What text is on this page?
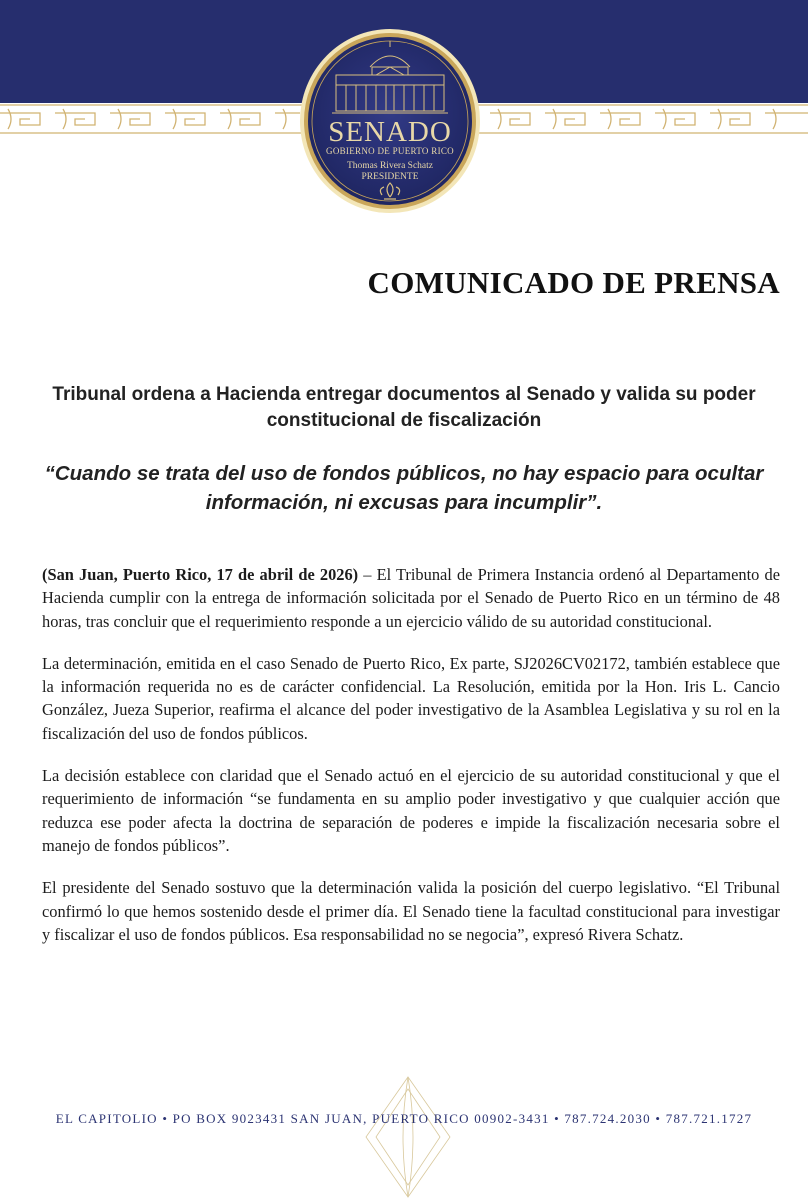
SENADO
GOBIERNO DE PUERTO RICO
Thomas Rivera Schatz
PRESIDENTE
COMUNICADO DE PRENSA
Tribunal ordena a Hacienda entregar documentos al Senado y valida su poder constitucional de fiscalización
“Cuando se trata del uso de fondos públicos, no hay espacio para ocultar información, ni excusas para incumplir”.

(San Juan, Puerto Rico, 17 de abril de 2026) – El Tribunal de Primera Instancia ordenó al Departamento de Hacienda cumplir con la entrega de información solicitada por el Senado de Puerto Rico en un término de 48 horas, tras concluir que el requerimiento responde a un ejercicio válido de su autoridad constitucional.

La determinación, emitida en el caso Senado de Puerto Rico, Ex parte, SJ2026CV02172, también establece que la información requerida no es de carácter confidencial. La Resolución, emitida por la Hon. Iris L. Cancio González, Jueza Superior, reafirma el alcance del poder investigativo de la Asamblea Legislativa y su rol en la fiscalización del uso de fondos públicos.

La decisión establece con claridad que el Senado actuó en el ejercicio de su autoridad constitucional y que el requerimiento de información “se fundamenta en su amplio poder investigativo y que cualquier acción que reduzca ese poder afecta la doctrina de separación de poderes e impide la fiscalización necesaria sobre el manejo de fondos públicos”.

El presidente del Senado sostuvo que la determinación valida la posición del cuerpo legislativo. “El Tribunal confirmó lo que hemos sostenido desde el primer día. El Senado tiene la facultad constitucional para investigar y fiscalizar el uso de fondos públicos. Esa responsabilidad no se negocia”, expresó Rivera Schatz.

EL CAPITOLIO • PO BOX 9023431 SAN JUAN, PUERTO RICO 00902-3431 • 787.724.2030 • 787.721.1727
